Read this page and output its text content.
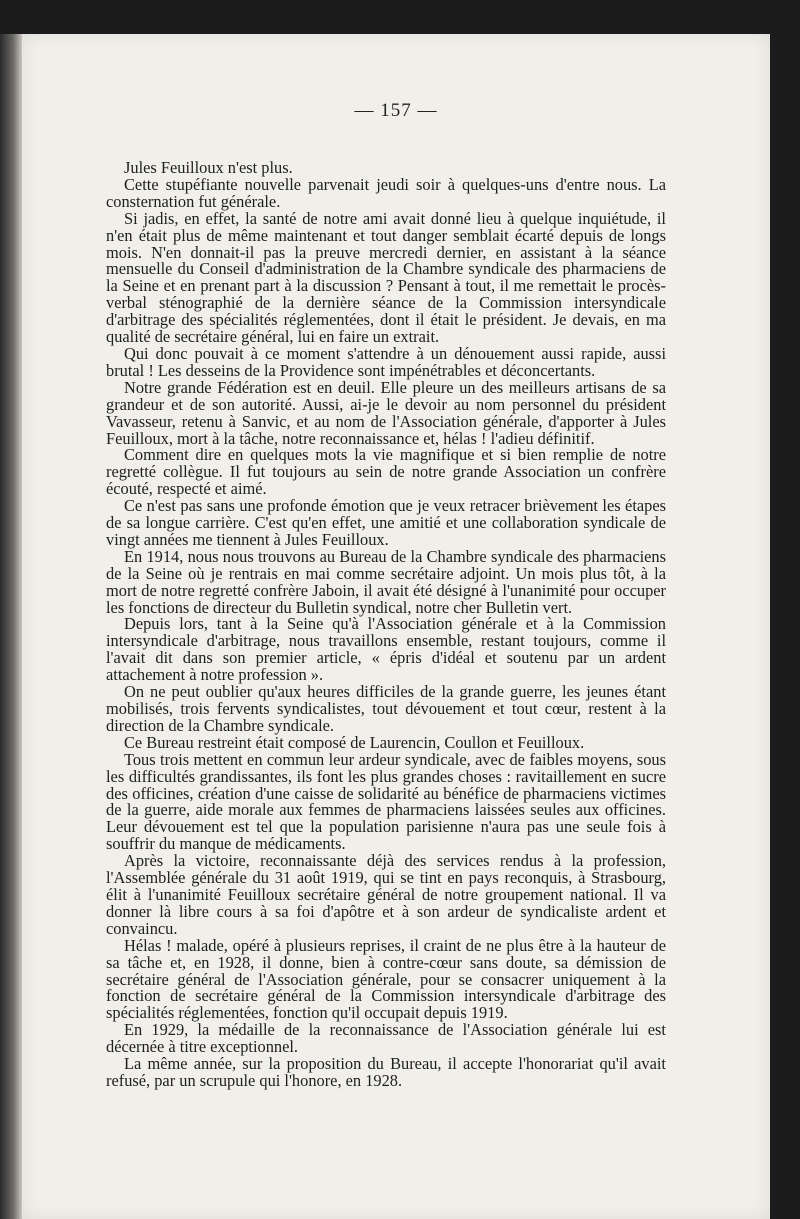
— 157 —

Jules Feuilloux n'est plus.

Cette stupéfiante nouvelle parvenait jeudi soir à quelques-uns d'entre nous. La consternation fut générale.

Si jadis, en effet, la santé de notre ami avait donné lieu à quelque inquiétude, il n'en était plus de même maintenant et tout danger semblait écarté depuis de longs mois. N'en donnait-il pas la preuve mercredi dernier, en assistant à la séance mensuelle du Conseil d'administration de la Chambre syndicale des pharmaciens de la Seine et en prenant part à la discussion ? Pensant à tout, il me remettait le procès-verbal sténographié de la dernière séance de la Commission intersyndicale d'arbitrage des spécialités réglementées, dont il était le président. Je devais, en ma qualité de secrétaire général, lui en faire un extrait.

Qui donc pouvait à ce moment s'attendre à un dénouement aussi rapide, aussi brutal ! Les desseins de la Providence sont impénétrables et déconcertants.

Notre grande Fédération est en deuil. Elle pleure un des meilleurs artisans de sa grandeur et de son autorité. Aussi, ai-je le devoir au nom personnel du président Vavasseur, retenu à Sanvic, et au nom de l'Association générale, d'apporter à Jules Feuilloux, mort à la tâche, notre reconnaissance et, hélas ! l'adieu définitif.

Comment dire en quelques mots la vie magnifique et si bien remplie de notre regretté collègue. Il fut toujours au sein de notre grande Association un confrère écouté, respecté et aimé.

Ce n'est pas sans une profonde émotion que je veux retracer brièvement les étapes de sa longue carrière. C'est qu'en effet, une amitié et une collaboration syndicale de vingt années me tiennent à Jules Feuilloux.

En 1914, nous nous trouvons au Bureau de la Chambre syndicale des pharmaciens de la Seine où je rentrais en mai comme secrétaire adjoint. Un mois plus tôt, à la mort de notre regretté confrère Jaboin, il avait été désigné à l'unanimité pour occuper les fonctions de directeur du Bulletin syndical, notre cher Bulletin vert.

Depuis lors, tant à la Seine qu'à l'Association générale et à la Commission intersyndicale d'arbitrage, nous travaillons ensemble, restant toujours, comme il l'avait dit dans son premier article, « épris d'idéal et soutenu par un ardent attachement à notre profession ».

On ne peut oublier qu'aux heures difficiles de la grande guerre, les jeunes étant mobilisés, trois fervents syndicalistes, tout dévouement et tout cœur, restent à la direction de la Chambre syndicale.

Ce Bureau restreint était composé de Laurencin, Coullon et Feuilloux.

Tous trois mettent en commun leur ardeur syndicale, avec de faibles moyens, sous les difficultés grandissantes, ils font les plus grandes choses : ravitaillement en sucre des officines, création d'une caisse de solidarité au bénéfice de pharmaciens victimes de la guerre, aide morale aux femmes de pharmaciens laissées seules aux officines. Leur dévouement est tel que la population parisienne n'aura pas une seule fois à souffrir du manque de médicaments.

Après la victoire, reconnaissante déjà des services rendus à la profession, l'Assemblée générale du 31 août 1919, qui se tint en pays reconquis, à Strasbourg, élit à l'unanimité Feuilloux secrétaire général de notre groupement national. Il va donner là libre cours à sa foi d'apôtre et à son ardeur de syndicaliste ardent et convaincu.

Hélas ! malade, opéré à plusieurs reprises, il craint de ne plus être à la hauteur de sa tâche et, en 1928, il donne, bien à contre-cœur sans doute, sa démission de secrétaire général de l'Association générale, pour se consacrer uniquement à la fonction de secrétaire général de la Commission intersyndicale d'arbitrage des spécialités réglementées, fonction qu'il occupait depuis 1919.

En 1929, la médaille de la reconnaissance de l'Association générale lui est décernée à titre exceptionnel.

La même année, sur la proposition du Bureau, il accepte l'honorariat qu'il avait refusé, par un scrupule qui l'honore, en 1928.
